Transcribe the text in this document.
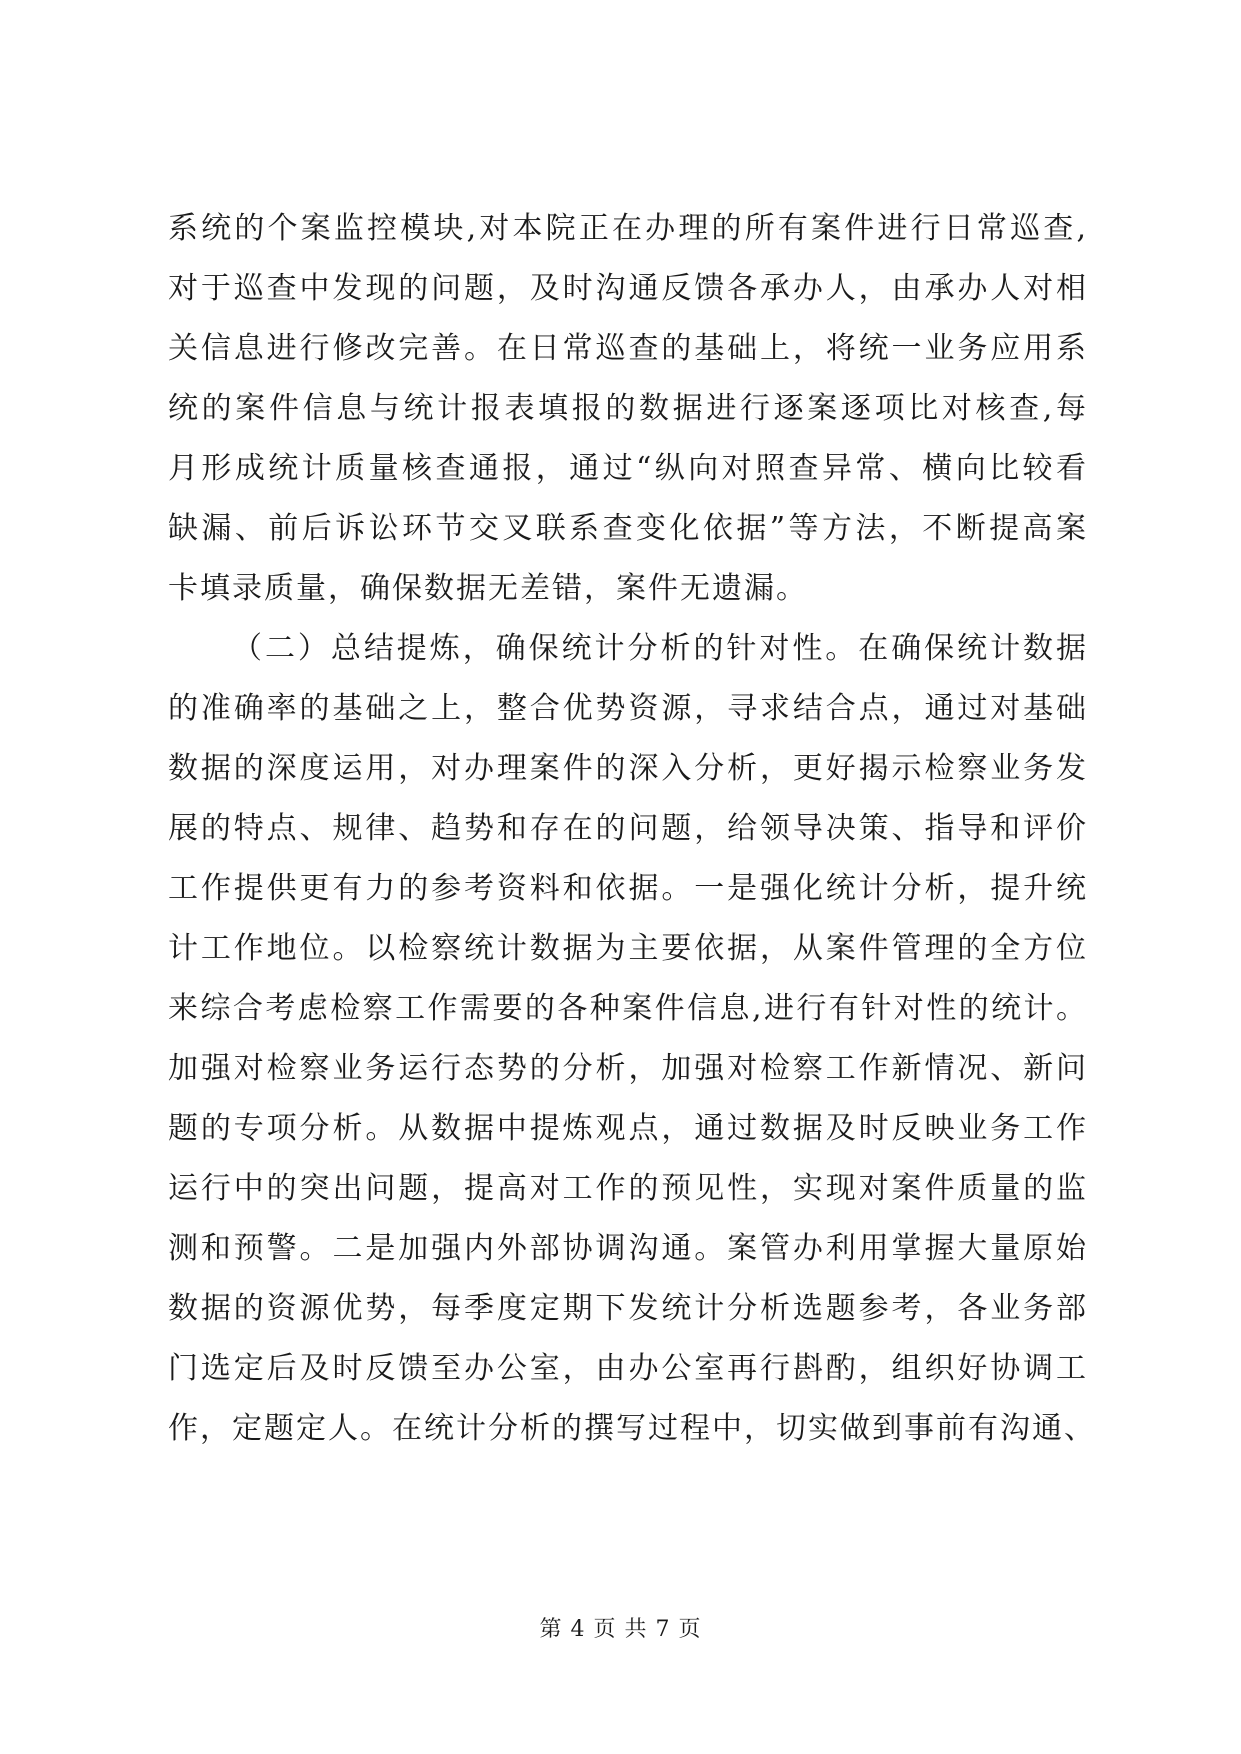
系统的个案监控模块,对本院正在办理的所有案件进行日常巡查,
对于巡查中发现的问题，及时沟通反馈各承办人，由承办人对相
关信息进行修改完善。在日常巡查的基础上，将统一业务应用系
统的案件信息与统计报表填报的数据进行逐案逐项比对核查,每
月形成统计质量核查通报，通过“纵向对照查异常、横向比较看
缺漏、前后诉讼环节交叉联系查变化依据”等方法，不断提高案
卡填录质量，确保数据无差错，案件无遗漏。
（二）总结提炼，确保统计分析的针对性。在确保统计数据
的准确率的基础之上，整合优势资源，寻求结合点，通过对基础
数据的深度运用，对办理案件的深入分析，更好揭示检察业务发
展的特点、规律、趋势和存在的问题，给领导决策、指导和评价
工作提供更有力的参考资料和依据。一是强化统计分析，提升统
计工作地位。以检察统计数据为主要依据，从案件管理的全方位
来综合考虑检察工作需要的各种案件信息,进行有针对性的统计。
加强对检察业务运行态势的分析，加强对检察工作新情况、新问
题的专项分析。从数据中提炼观点，通过数据及时反映业务工作
运行中的突出问题，提高对工作的预见性，实现对案件质量的监
测和预警。二是加强内外部协调沟通。案管办利用掌握大量原始
数据的资源优势，每季度定期下发统计分析选题参考，各业务部
门选定后及时反馈至办公室，由办公室再行斟酌，组织好协调工
作，定题定人。在统计分析的撰写过程中，切实做到事前有沟通、
第 4 页 共 7 页
